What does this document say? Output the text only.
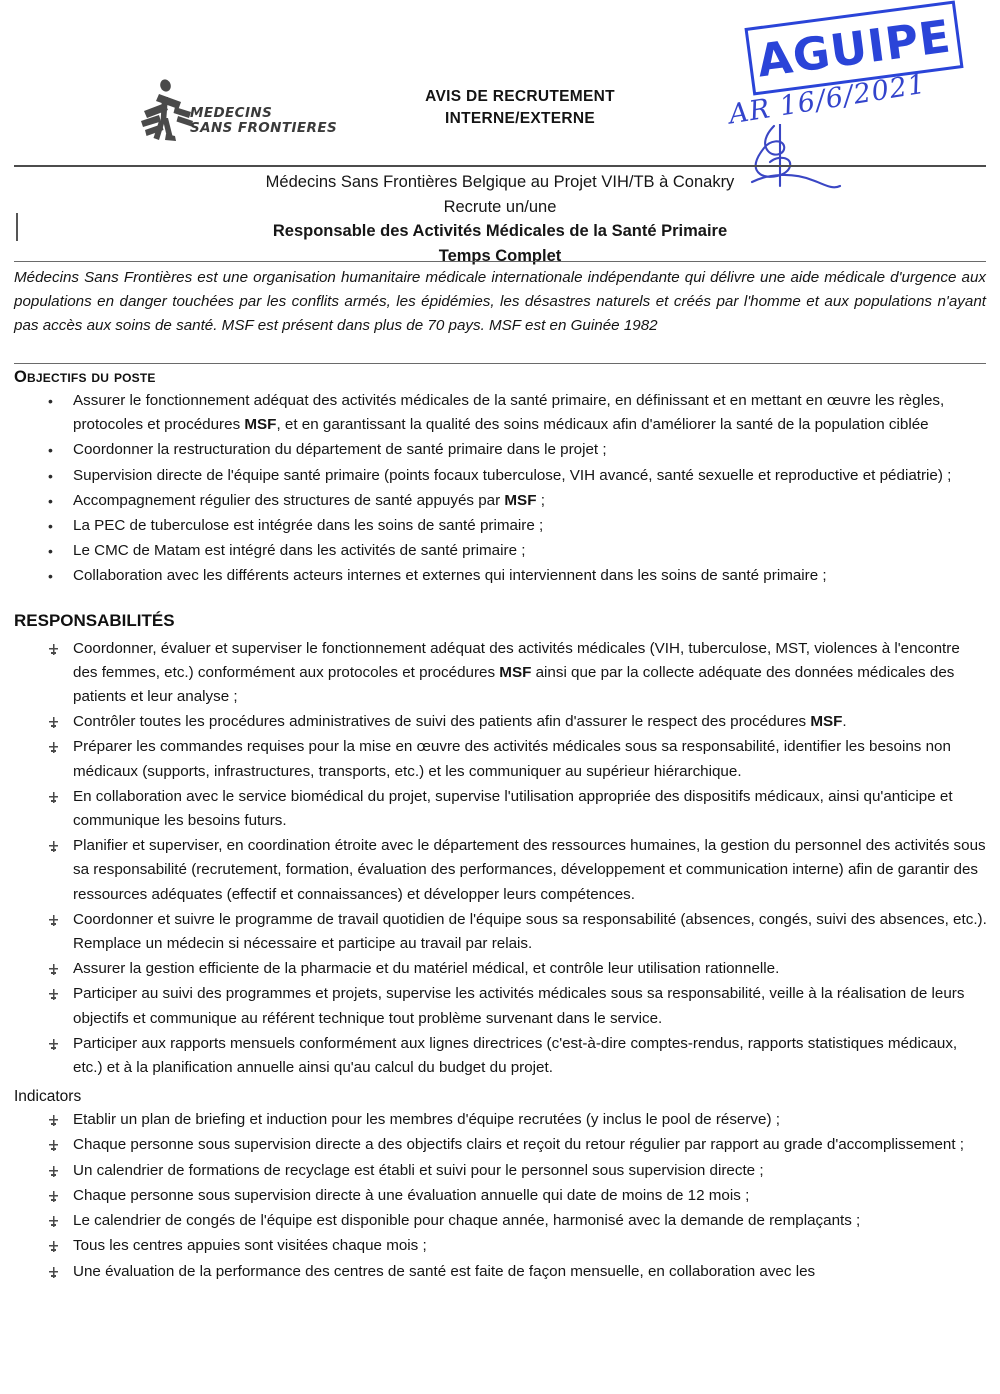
MEDECINS
SANS FRONTIERES
AVIS DE RECRUTEMENT
INTERNE/EXTERNE
AGUIPE
AR 16/6/2021
Médecins Sans Frontières Belgique au Projet VIH/TB à Conakry
Recrute un/une
Responsable des Activités Médicales de la Santé Primaire
Temps Complet
Médecins Sans Frontières est une organisation humanitaire médicale internationale indépendante qui délivre une aide médicale d'urgence aux populations en danger touchées par les conflits armés, les épidémies, les désastres naturels et créés par l'homme et aux populations n'ayant pas accès aux soins de santé. MSF est présent dans plus de 70 pays. MSF est en Guinée 1982
Objectifs du poste
• Assurer le fonctionnement adéquat des activités médicales de la santé primaire, en définissant et en mettant en œuvre les règles, protocoles et procédures MSF, et en garantissant la qualité des soins médicaux afin d'améliorer la santé de la population ciblée
• Coordonner la restructuration du département de santé primaire dans le projet ;
• Supervision directe de l'équipe santé primaire (points focaux tuberculose, VIH avancé, santé sexuelle et reproductive et pédiatrie) ;
• Accompagnement régulier des structures de santé appuyés par MSF ;
• La PEC de tuberculose est intégrée dans les soins de santé primaire ;
• Le CMC de Matam est intégré dans les activités de santé primaire ;
• Collaboration avec les différents acteurs internes et externes qui interviennent dans les soins de santé primaire ;
RESPONSABILITÉS
Coordonner, évaluer et superviser le fonctionnement adéquat des activités médicales (VIH, tuberculose, MST, violences à l'encontre des femmes, etc.) conformément aux protocoles et procédures MSF ainsi que par la collecte adéquate des données médicales des patients et leur analyse ;
Contrôler toutes les procédures administratives de suivi des patients afin d'assurer le respect des procédures MSF.
Préparer les commandes requises pour la mise en œuvre des activités médicales sous sa responsabilité, identifier les besoins non médicaux (supports, infrastructures, transports, etc.) et les communiquer au supérieur hiérarchique.
En collaboration avec le service biomédical du projet, supervise l'utilisation appropriée des dispositifs médicaux, ainsi qu'anticipe et communique les besoins futurs.
Planifier et superviser, en coordination étroite avec le département des ressources humaines, la gestion du personnel des activités sous sa responsabilité (recrutement, formation, évaluation des performances, développement et communication interne) afin de garantir des ressources adéquates (effectif et connaissances) et développer leurs compétences.
Coordonner et suivre le programme de travail quotidien de l'équipe sous sa responsabilité (absences, congés, suivi des absences, etc.). Remplace un médecin si nécessaire et participe au travail par relais.
Assurer la gestion efficiente de la pharmacie et du matériel médical, et contrôle leur utilisation rationnelle.
Participer au suivi des programmes et projets, supervise les activités médicales sous sa responsabilité, veille à la réalisation de leurs objectifs et communique au référent technique tout problème survenant dans le service.
Participer aux rapports mensuels conformément aux lignes directrices (c'est-à-dire comptes-rendus, rapports statistiques médicaux, etc.) et à la planification annuelle ainsi qu'au calcul du budget du projet.
Indicators
Etablir un plan de briefing et induction pour les membres d'équipe recrutées (y inclus le pool de réserve) ;
Chaque personne sous supervision directe a des objectifs clairs et reçoit du retour régulier par rapport au grade d'accomplissement ;
Un calendrier de formations de recyclage est établi et suivi pour le personnel sous supervision directe ;
Chaque personne sous supervision directe à une évaluation annuelle qui date de moins de 12 mois ;
Le calendrier de congés de l'équipe est disponible pour chaque année, harmonisé avec la demande de remplaçants ;
Tous les centres appuies sont visitées chaque mois ;
Une évaluation de la performance des centres de santé est faite de façon mensuelle, en collaboration avec les
